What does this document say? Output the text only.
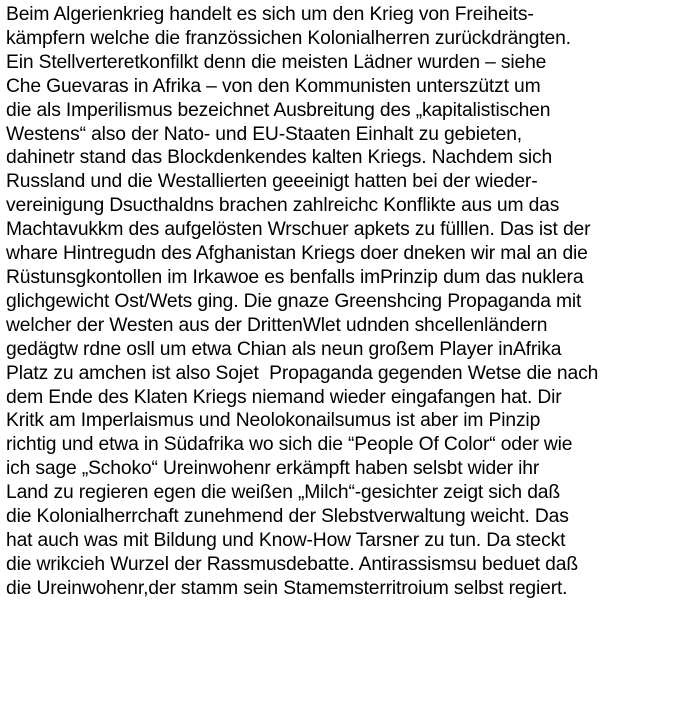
Beim Algerienkrieg handelt es sich um den Krieg von Freiheits-
kämpfern welche die französsichen Kolonialherren zurückdrängten.
Ein Stellverteretkonfilkt denn die meisten Lädner wurden – siehe
Che Guevaras in Afrika – von den Kommunisten unterszützt um
die als Imperilismus bezeichnet Ausbreitung des „kapitalistischen
Westens“ also der Nato- und EU-Staaten Einhalt zu gebieten,
dahinetr stand das Blockdenkendes kalten Kriegs. Nachdem sich
Russland und die Westallierten geeeinigt hatten bei der wieder-
vereinigung Dsucthaldns brachen zahlreichc Konflikte aus um das
Machtavukkm des aufgelösten Wrschuer apkets zu fülllen. Das ist der
whare Hintregudn des Afghanistan Kriegs doer dneken wir mal an die
Rüstunsgkontollen im Irkawoe es benfalls imPrinzip dum das nuklera
glichgewicht Ost/Wets ging. Die gnaze Greenshcing Propaganda mit
welcher der Westen aus der DrittenWlet udnden shcellenländern
gedägtw rdne osll um etwa Chian als neun großem Player inAfrika
Platz zu amchen ist also Sojet  Propaganda gegenden Wetse die nach
dem Ende des Klaten Kriegs niemand wieder eingafangen hat. Dir
Kritk am Imperlaismus und Neolokonailsumus ist aber im Pinzip
richtig und etwa in Südafrika wo sich die “People Of Color“ oder wie
ich sage „Schoko“ Ureinwohenr erkämpft haben selsbt wider ihr
Land zu regieren egen die weißen „Milch“-gesichter zeigt sich daß
die Kolonialherrchaft zunehmend der Slebstverwaltung weicht. Das
hat auch was mit Bildung und Know-How Tarsner zu tun. Da steckt
die wrikcieh Wurzel der Rassmusdebatte. Antirassismsu beduet daß
die Ureinwohenr,der stamm sein Stamemsterritroium selbst regiert.
